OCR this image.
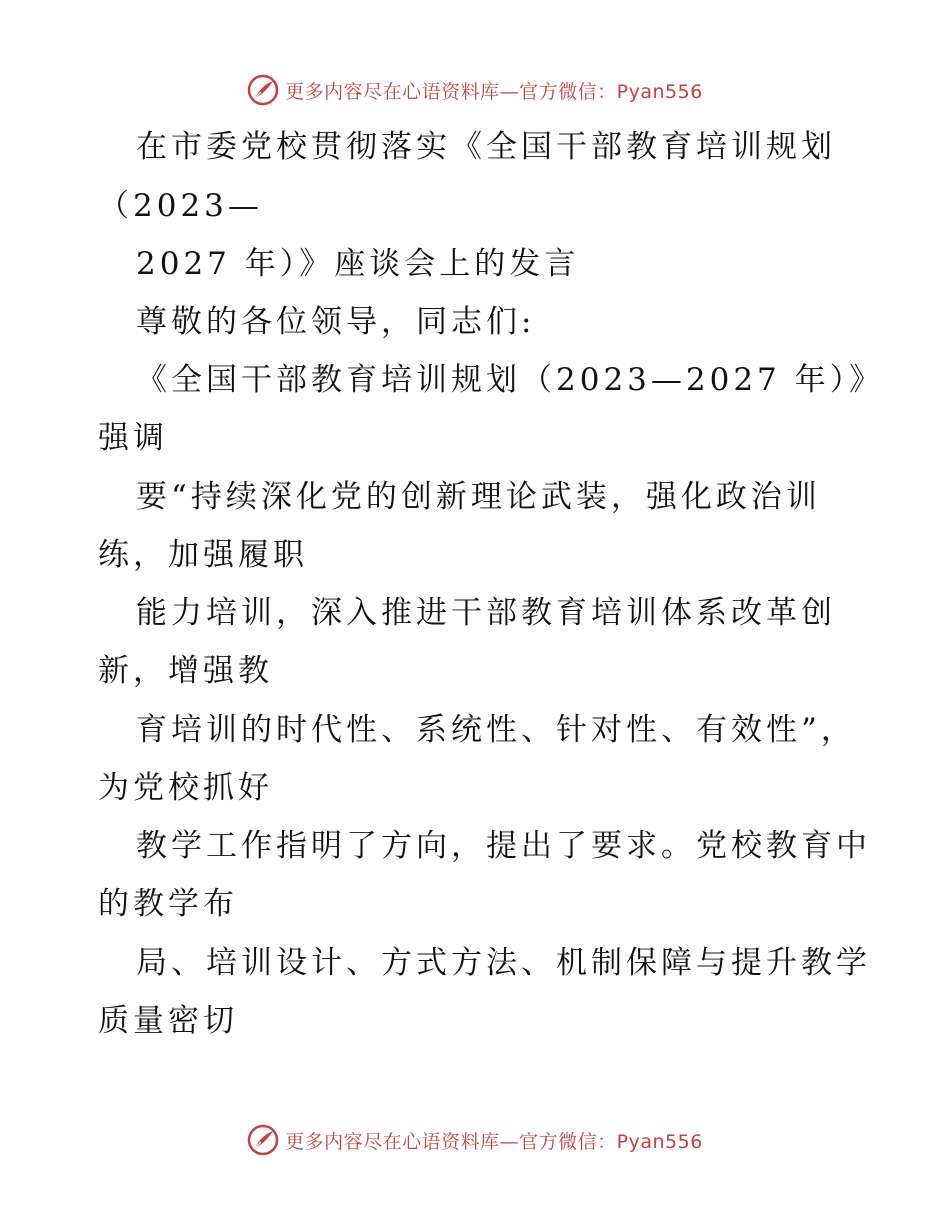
更多内容尽在心语资料库—官方微信：Pyan556
在市委党校贯彻落实《全国干部教育培训规划
（2023—
2027 年）》座谈会上的发言
尊敬的各位领导，同志们:
《全国干部教育培训规划（2023—2027 年）》
强调
要“持续深化党的创新理论武装，强化政治训
练，加强履职
能力培训，深入推进干部教育培训体系改革创
新，增强教
育培训的时代性、系统性、针对性、有效性”，
为党校抓好
教学工作指明了方向，提出了要求。党校教育中
的教学布
局、培训设计、方式方法、机制保障与提升教学
质量密切
更多内容尽在心语资料库—官方微信：Pyan556
